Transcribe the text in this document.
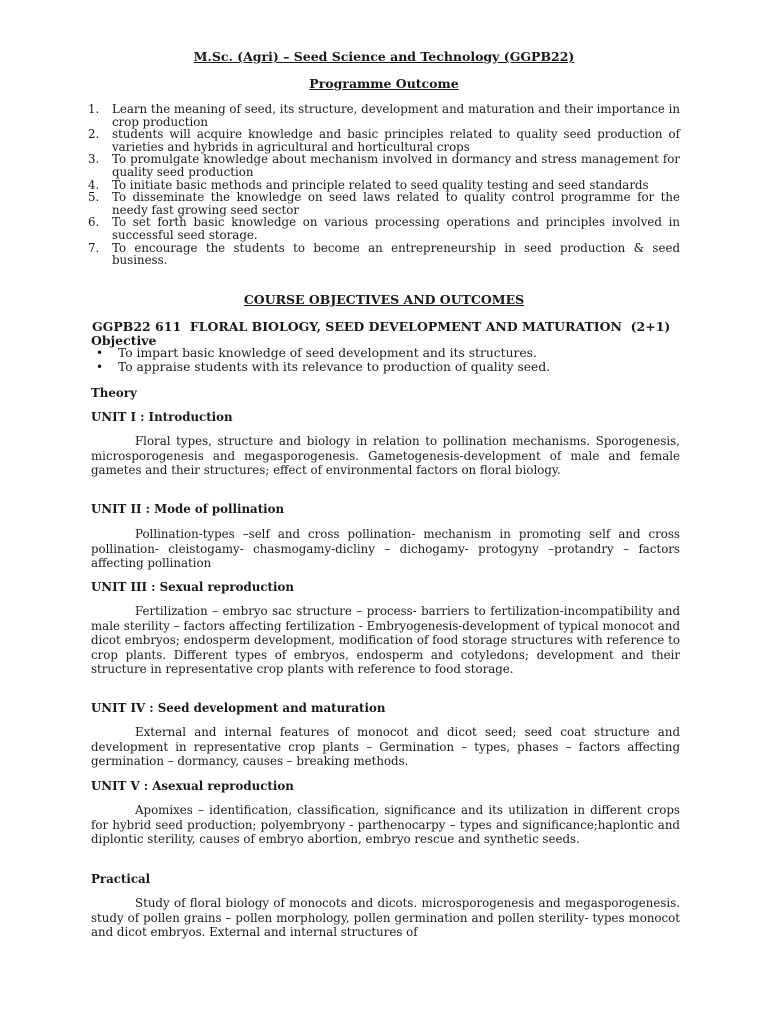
M.Sc. (Agri) – Seed Science and Technology (GGPB22)
Programme Outcome
1. Learn the meaning of seed, its structure, development and maturation and their importance in crop production
2. students will acquire knowledge and basic principles related to quality seed production of varieties and hybrids in agricultural and horticultural crops
3. To promulgate knowledge about mechanism involved in dormancy and stress management for quality seed production
4. To initiate basic methods and principle related to seed quality testing and seed standards
5. To disseminate the knowledge on seed laws related to quality control programme for the needy fast growing seed sector
6. To set forth basic knowledge on various processing operations and principles involved in successful seed storage.
7. To encourage the students to become an entrepreneurship in seed production & seed business.
COURSE OBJECTIVES AND OUTCOMES
GGPB22 611  FLORAL BIOLOGY, SEED DEVELOPMENT AND MATURATION  (2+1)
Objective
• To impart basic knowledge of seed development and its structures.
• To appraise students with its relevance to production of quality seed.
Theory
UNIT I : Introduction
Floral types, structure and biology in relation to pollination mechanisms. Sporogenesis, microsporogenesis and megasporogenesis. Gametogenesis-development of male and female gametes and their structures; effect of environmental factors on floral biology.
UNIT II : Mode of pollination
Pollination-types –self and cross pollination- mechanism in promoting self and cross pollination- cleistogamy- chasmogamy-dicliny – dichogamy- protogyny –protandry – factors affecting pollination
UNIT III : Sexual reproduction
Fertilization – embryo sac structure – process- barriers to fertilization-incompatibility and male sterility – factors affecting fertilization - Embryogenesis-development of typical monocot and dicot embryos; endosperm development, modification of food storage structures with reference to crop plants. Different types of embryos, endosperm and cotyledons; development and their structure in representative crop plants with reference to food storage.
UNIT IV : Seed development and maturation
External and internal features of monocot and dicot seed; seed coat structure and development in representative crop plants – Germination – types, phases – factors affecting germination – dormancy, causes – breaking methods.
UNIT V : Asexual reproduction
Apomixes – identification, classification, significance and its utilization in different crops for hybrid seed production; polyembryony - parthenocarpy – types and significance;haplontic and diplontic sterility, causes of embryo abortion, embryo rescue and synthetic seeds.
Practical
Study of floral biology of monocots and dicots. microsporogenesis and megasporogenesis. study of pollen grains – pollen morphology, pollen germination and pollen sterility- types monocot and dicot embryos. External and internal structures of
